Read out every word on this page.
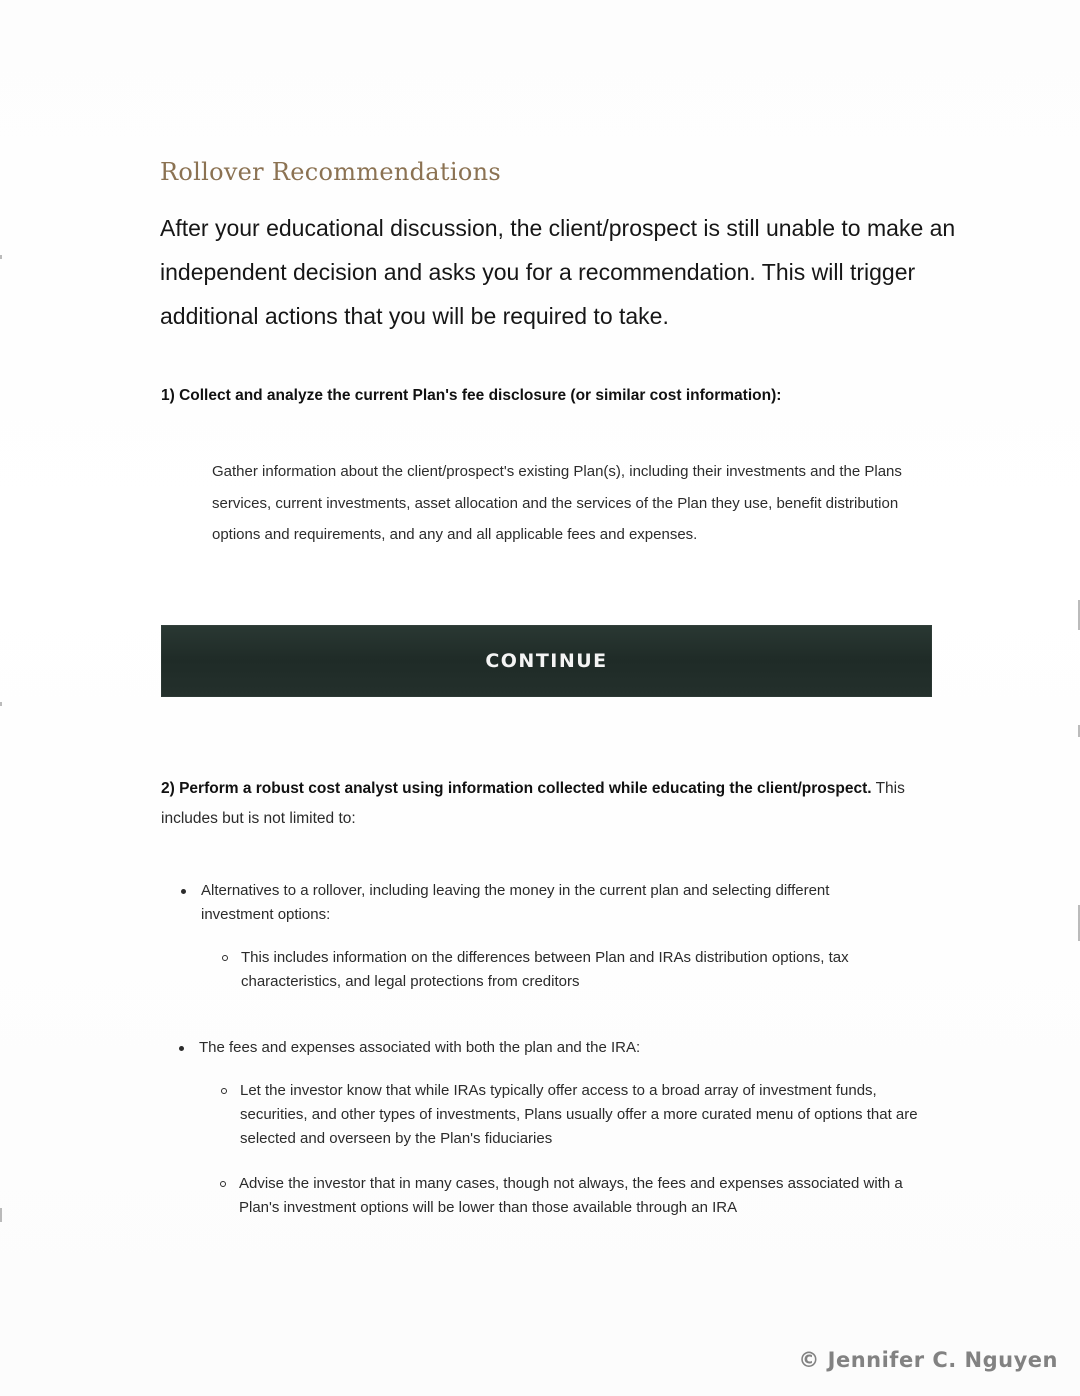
Rollover Recommendations

After your educational discussion, the client/prospect is still unable to make an independent decision and asks you for a recommendation. This will trigger additional actions that you will be required to take.

1) Collect and analyze the current Plan's fee disclosure (or similar cost information):

Gather information about the client/prospect's existing Plan(s), including their investments and the Plans services, current investments, asset allocation and the services of the Plan they use, benefit distribution options and requirements, and any and all applicable fees and expenses.

CONTINUE

2) Perform a robust cost analyst using information collected while educating the client/prospect. This includes but is not limited to:

Alternatives to a rollover, including leaving the money in the current plan and selecting different investment options:
This includes information on the differences between Plan and IRAs distribution options, tax characteristics, and legal protections from creditors
The fees and expenses associated with both the plan and the IRA:
Let the investor know that while IRAs typically offer access to a broad array of investment funds, securities, and other types of investments, Plans usually offer a more curated menu of options that are selected and overseen by the Plan's fiduciaries
Advise the investor that in many cases, though not always, the fees and expenses associated with a Plan's investment options will be lower than those available through an IRA
© Jennifer C. Nguyen
